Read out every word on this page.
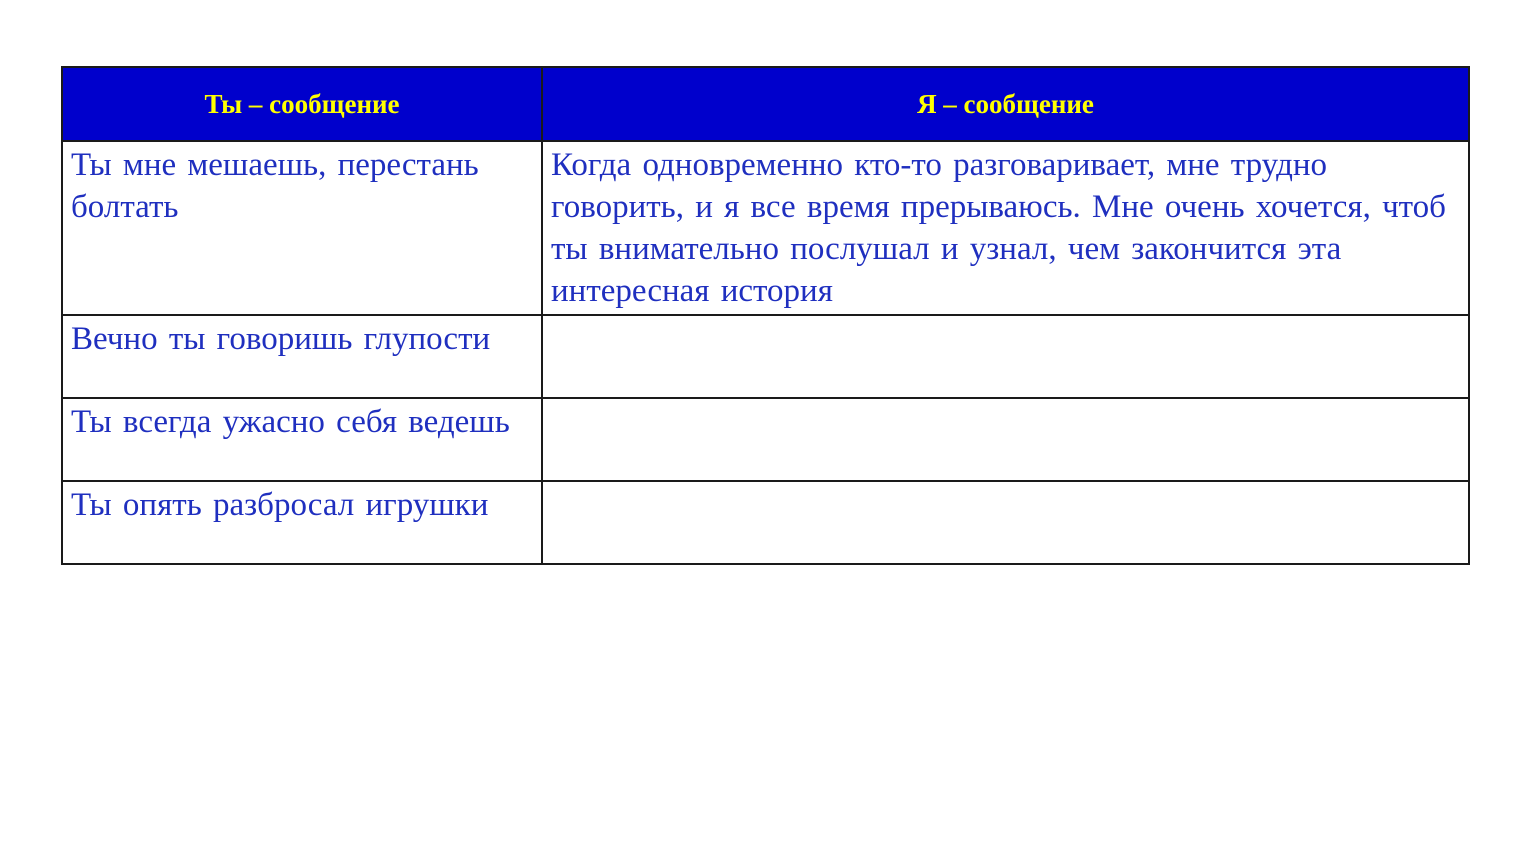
Ты – сообщение	Я – сообщение
Ты мне мешаешь, перестань болтать	Когда одновременно кто-то разговаривает, мне трудно говорить, и я все время прерываюсь. Мне очень хочется, чтоб ты внимательно послушал и узнал, чем закончится эта интересная история
Вечно ты говоришь глупости	
Ты всегда ужасно себя ведешь	
Ты опять разбросал игрушки	
